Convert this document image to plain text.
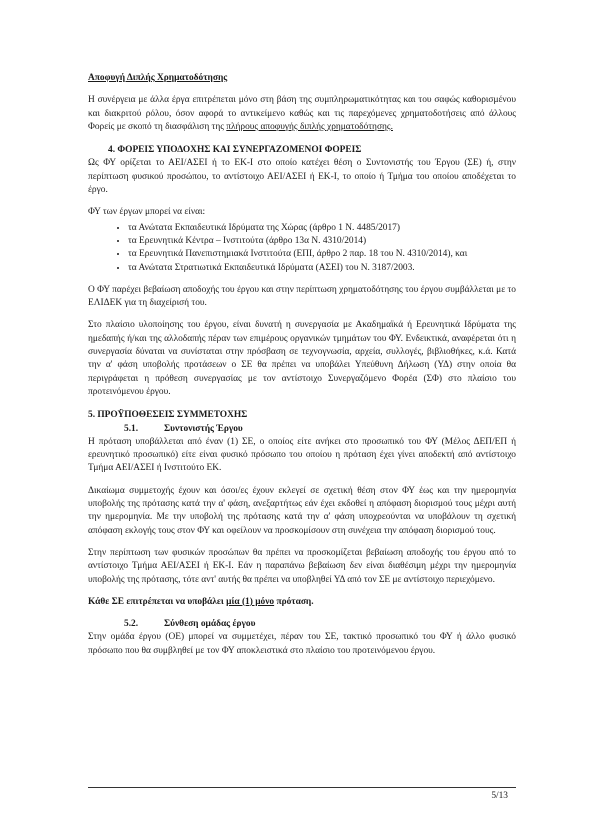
Αποφυγή Διπλής Χρηματοδότησης

Η συνέργεια με άλλα έργα επιτρέπεται μόνο στη βάση της συμπληρωματικότητας και του σαφώς καθορισμένου και διακριτού ρόλου, όσον αφορά το αντικείμενο καθώς και τις παρεχόμενες χρηματοδοτήσεις από άλλους Φορείς με σκοπό τη διασφάλιση της πλήρους αποφυγής διπλής χρηματοδότησης.

4. ΦΟΡΕΙΣ ΥΠΟΔΟΧΗΣ ΚΑΙ ΣΥΝΕΡΓΑΖΟΜΕΝΟΙ ΦΟΡΕΙΣ

Ως ΦΥ ορίζεται το ΑΕΙ/ΑΣΕΙ ή το ΕΚ-Ι στο οποίο κατέχει θέση ο Συντονιστής του Έργου (ΣΕ) ή, στην περίπτωση φυσικού προσώπου, το αντίστοιχο ΑΕΙ/ΑΣΕΙ ή ΕΚ-Ι, το οποίο ή Τμήμα του οποίου αποδέχεται το έργο.

ΦΥ των έργων μπορεί να είναι:

• τα Ανώτατα Εκπαιδευτικά Ιδρύματα της Χώρας (άρθρο 1 Ν. 4485/2017)
• τα Ερευνητικά Κέντρα – Ινστιτούτα (άρθρο 13α Ν. 4310/2014)
• τα Ερευνητικά Πανεπιστημιακά Ινστιτούτα (ΕΠΙ, άρθρο 2 παρ. 18 του Ν. 4310/2014), και
• τα Ανώτατα Στρατιωτικά Εκπαιδευτικά Ιδρύματα (ΑΣΕΙ) του Ν. 3187/2003.

Ο ΦΥ παρέχει βεβαίωση αποδοχής του έργου και στην περίπτωση χρηματοδότησης του έργου συμβάλλεται με το ΕΛΙΔΕΚ για τη διαχείρισή του.

Στο πλαίσιο υλοποίησης του έργου, είναι δυνατή η συνεργασία με Ακαδημαϊκά ή Ερευνητικά Ιδρύματα της ημεδαπής ή/και της αλλοδαπής πέραν των επιμέρους οργανικών τμημάτων του ΦΥ. Ενδεικτικά, αναφέρεται ότι η συνεργασία δύναται να συνίσταται στην πρόσβαση σε τεχνογνωσία, αρχεία, συλλογές, βιβλιοθήκες, κ.ά. Κατά την α' φάση υποβολής προτάσεων ο ΣΕ θα πρέπει να υποβάλει Υπεύθυνη Δήλωση (ΥΔ) στην οποία θα περιγράφεται η πρόθεση συνεργασίας με τον αντίστοιχο Συνεργαζόμενο Φορέα (ΣΦ) στο πλαίσιο του προτεινόμενου έργου.

5. ΠΡΟΫΠΟΘΕΣΕΙΣ ΣΥΜΜΕΤΟΧΗΣ

5.1.	Συντονιστής Έργου

Η πρόταση υποβάλλεται από έναν (1) ΣΕ, ο οποίος είτε ανήκει στο προσωπικό του ΦΥ (Μέλος ΔΕΠ/ΕΠ ή ερευνητικό προσωπικό) είτε είναι φυσικό πρόσωπο του οποίου η πρόταση έχει γίνει αποδεκτή από αντίστοιχο Τμήμα ΑΕΙ/ΑΣΕΙ ή Ινστιτούτο ΕΚ.

Δικαίωμα συμμετοχής έχουν και όσοι/ες έχουν εκλεγεί σε σχετική θέση στον ΦΥ έως και την ημερομηνία υποβολής της πρότασης κατά την α' φάση, ανεξαρτήτως εάν έχει εκδοθεί η απόφαση διορισμού τους μέχρι αυτή την ημερομηνία. Με την υποβολή της πρότασης κατά την α' φάση υποχρεούνται να υποβάλουν τη σχετική απόφαση εκλογής τους στον ΦΥ και οφείλουν να προσκομίσουν στη συνέχεια την απόφαση διορισμού τους.

Στην περίπτωση των φυσικών προσώπων θα πρέπει να προσκομίζεται βεβαίωση αποδοχής του έργου από το αντίστοιχο Τμήμα ΑΕΙ/ΑΣΕΙ ή ΕΚ-Ι. Εάν η παραπάνω βεβαίωση δεν είναι διαθέσιμη μέχρι την ημερομηνία υποβολής της πρότασης, τότε αντ' αυτής θα πρέπει να υποβληθεί ΥΔ από τον ΣΕ με αντίστοιχο περιεχόμενο.

Κάθε ΣΕ επιτρέπεται να υποβάλει μία (1) μόνο πρόταση.

5.2.	Σύνθεση ομάδας έργου

Στην ομάδα έργου (ΟΕ) μπορεί να συμμετέχει, πέραν του ΣΕ, τακτικό προσωπικό του ΦΥ ή άλλο φυσικό πρόσωπο που θα συμβληθεί με τον ΦΥ αποκλειστικά στο πλαίσιο του προτεινόμενου έργου.

5/13
